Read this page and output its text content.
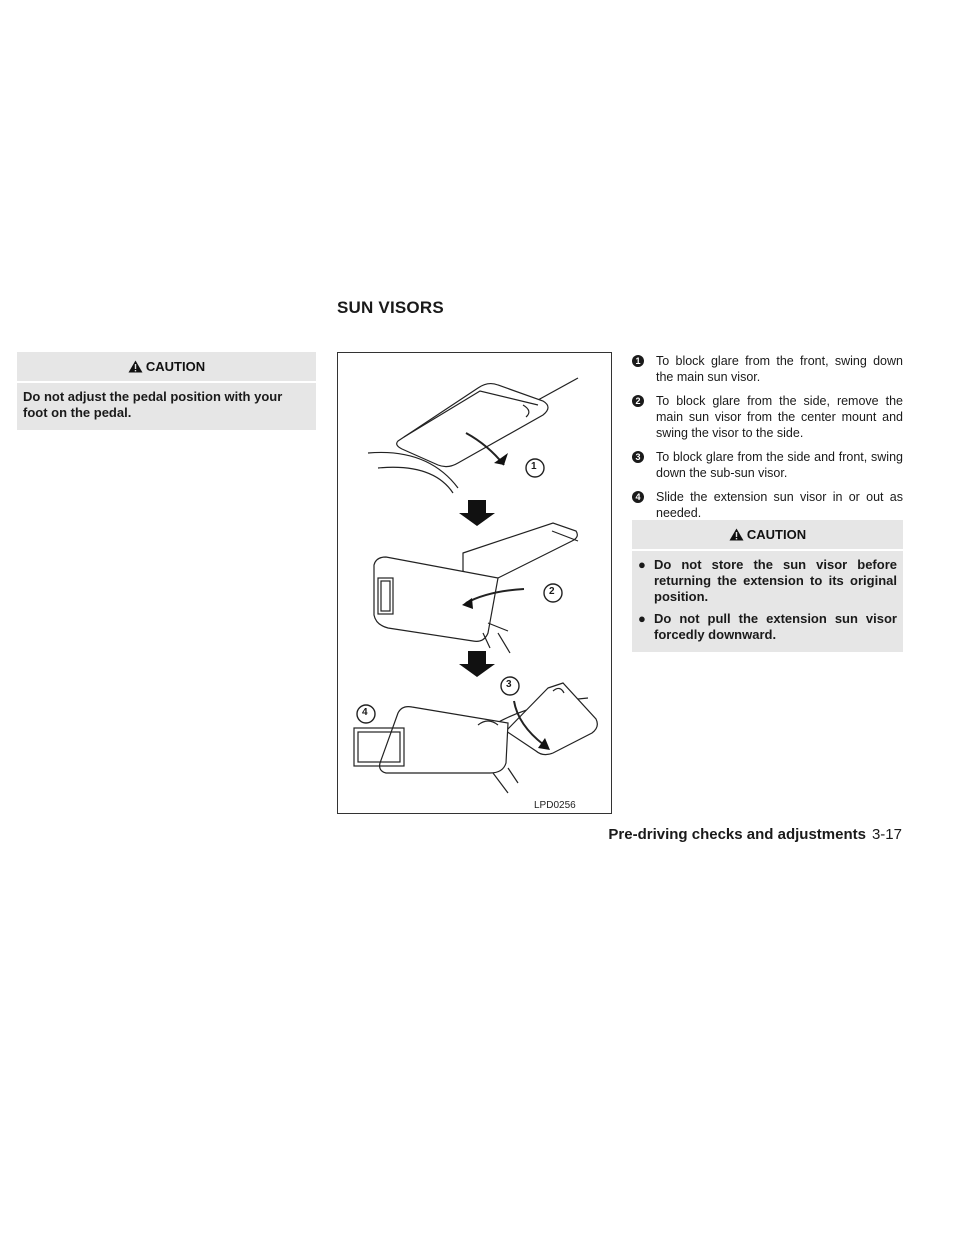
SUN VISORS
CAUTION
Do not adjust the pedal position with your foot on the pedal.
1
2
3
4
LPD0256
1	To block glare from the front, swing down the main sun visor.
2	To block glare from the side, remove the main sun visor from the center mount and swing the visor to the side.
3	To block glare from the side and front, swing down the sub-sun visor.
4	Slide the extension sun visor in or out as needed.
CAUTION
● Do not store the sun visor before returning the extension to its original position.
● Do not pull the extension sun visor forcedly downward.
Pre-driving checks and adjustments 3-17
